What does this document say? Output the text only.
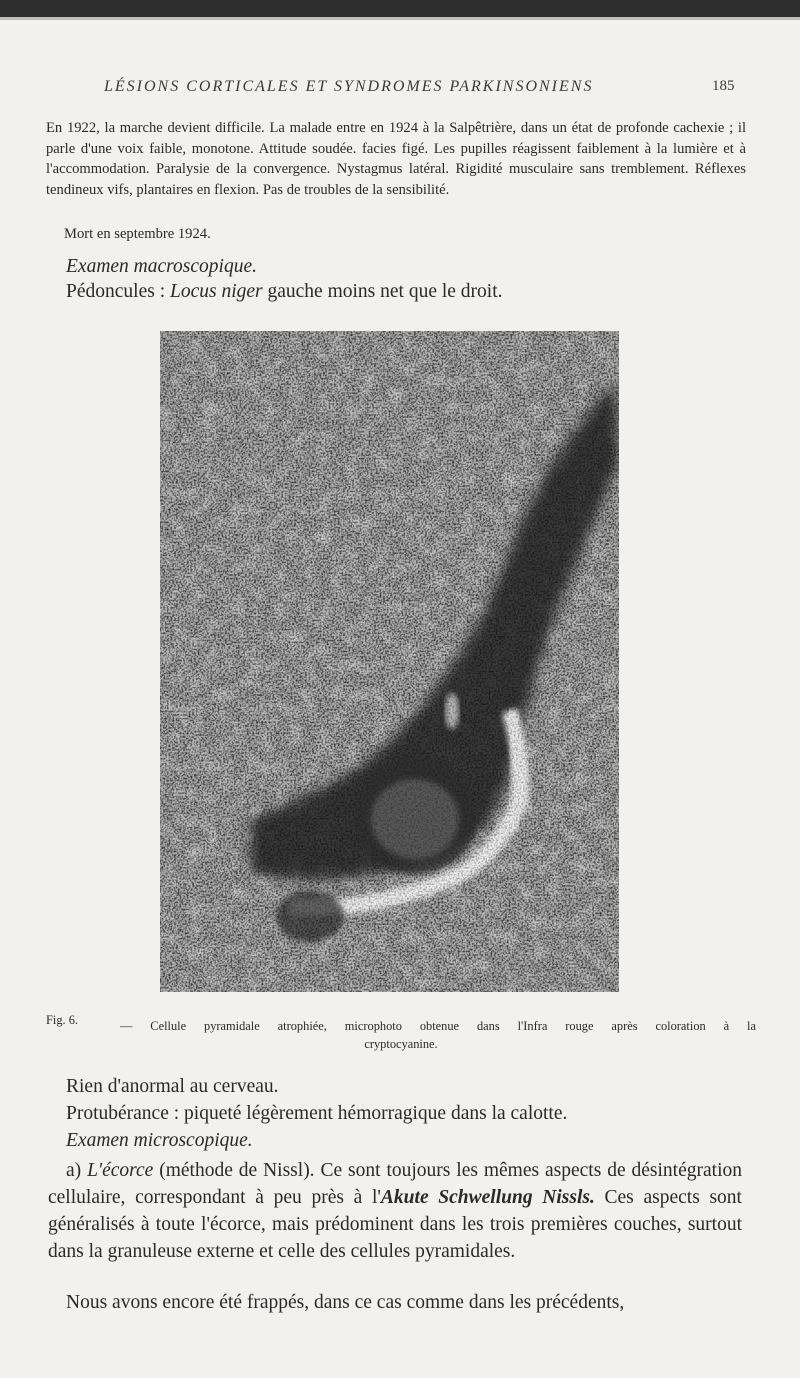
LÉSIONS CORTICALES ET SYNDROMES PARKINSONIENS	185
En 1922, la marche devient difficile. La malade entre en 1924 à la Salpêtrière, dans un état de profonde cachexie ; il parle d'une voix faible, monotone. Attitude soudée. facies figé. Les pupilles réagissent faiblement à la lumière et à l'accommodation. Paralysie de la convergence. Nystagmus latéral. Rigidité musculaire sans tremblement. Réflexes tendineux vifs, plantaires en flexion. Pas de troubles de la sensibilité.
Mort en septembre 1924.
Examen macroscopique.
Pédoncules : Locus niger gauche moins net que le droit.
Fig. 6.	— Cellule pyramidale atrophiée, microphoto obtenue dans l'Infra rouge après coloration à la
cryptocyanine.
Rien d'anormal au cerveau.
Protubérance : piqueté légèrement hémorragique dans la calotte.
Examen microscopique.
a) L'écorce (méthode de Nissl). Ce sont toujours les mêmes aspects de désintégration cellulaire, correspondant à peu près à l'Akute Schwellung Nissls. Ces aspects sont généralisés à toute l'écorce, mais prédominent dans les trois premières couches, surtout dans la granuleuse externe et celle des cellules pyramidales.
Nous avons encore été frappés, dans ce cas comme dans les précédents,
